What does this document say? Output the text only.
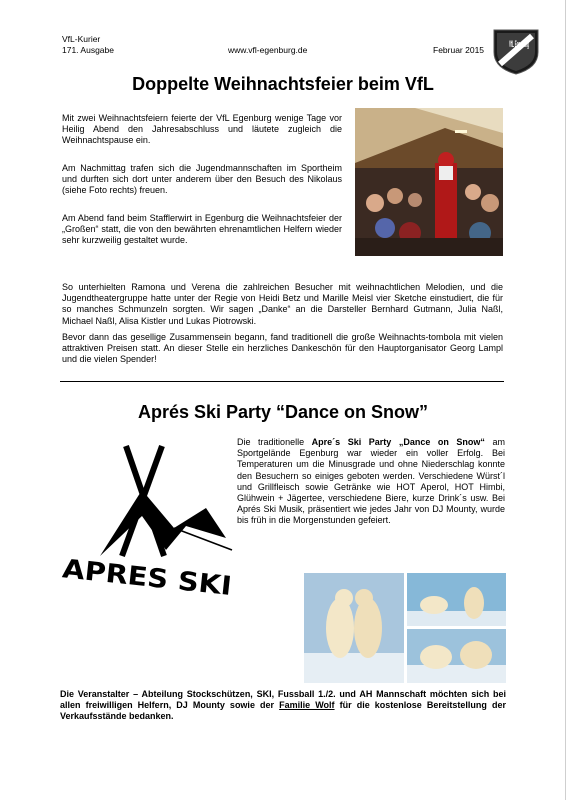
VfL-Kurier
171. Ausgabe	www.vfl-egenburg.de	Februar 2015
VfL Egenburg
Doppelte Weihnachtsfeier beim VfL

Mit zwei Weihnachtsfeiern feierte der VfL Egenburg wenige Tage vor Heilig Abend den Jahresabschluss und läutete zugleich die Weihnachtspause ein.

Am Nachmittag trafen sich die Jugendmannschaften im Sportheim und durften sich dort unter anderem über den Besuch des Nikolaus (siehe Foto rechts) freuen.

Am Abend fand beim Stafflerwirt in Egenburg die Weihnachtsfeier der „Großen“ statt, die von den bewährten ehrenamtlichen Helfern wieder sehr kurzweilig gestaltet wurde.

So unterhielten Ramona und Verena die zahlreichen Besucher mit weihnachtlichen Melodien, und die Jugendtheatergruppe hatte unter der Regie von Heidi Betz und Marille Meisl vier Sketche einstudiert, die für so manches Schmunzeln sorgten. Wir sagen „Danke“ an die Darsteller Bernhard Gutmann, Julia Naßl, Michael Naßl, Alisa Kistler und Lukas Piotrowski.

Bevor dann das gesellige Zusammensein begann, fand traditionell die große Weihnachts-tombola mit vielen attraktiven Preisen statt. An dieser Stelle ein herzliches Dankeschön für den Hauptorganisator Georg Lampl und die vielen Spender!

Aprés Ski Party “Dance on Snow”
APRES SKI

Die traditionelle Apre´s Ski Party „Dance on Snow“ am Sportgelände Egenburg war wieder ein voller Erfolg. Bei Temperaturen um die Minusgrade und ohne Niederschlag konnte den Besuchern so einiges geboten werden. Verschiedene Würst´l und Grillfleisch sowie Getränke wie HOT Aperol, HOT Himbi, Glühwein + Jägertee, verschiedene Biere, kurze Drink´s usw. Bei Aprés Ski Musik, präsentiert wie jedes Jahr von DJ Mounty, wurde bis früh in die Morgenstunden gefeiert.

Die Veranstalter – Abteilung Stockschützen, SKI, Fussball 1./2. und AH Mannschaft möchten sich bei allen freiwilligen Helfern, DJ Mounty sowie der Familie Wolf für die kostenlose Bereitstellung der Verkaufsstände bedanken.
